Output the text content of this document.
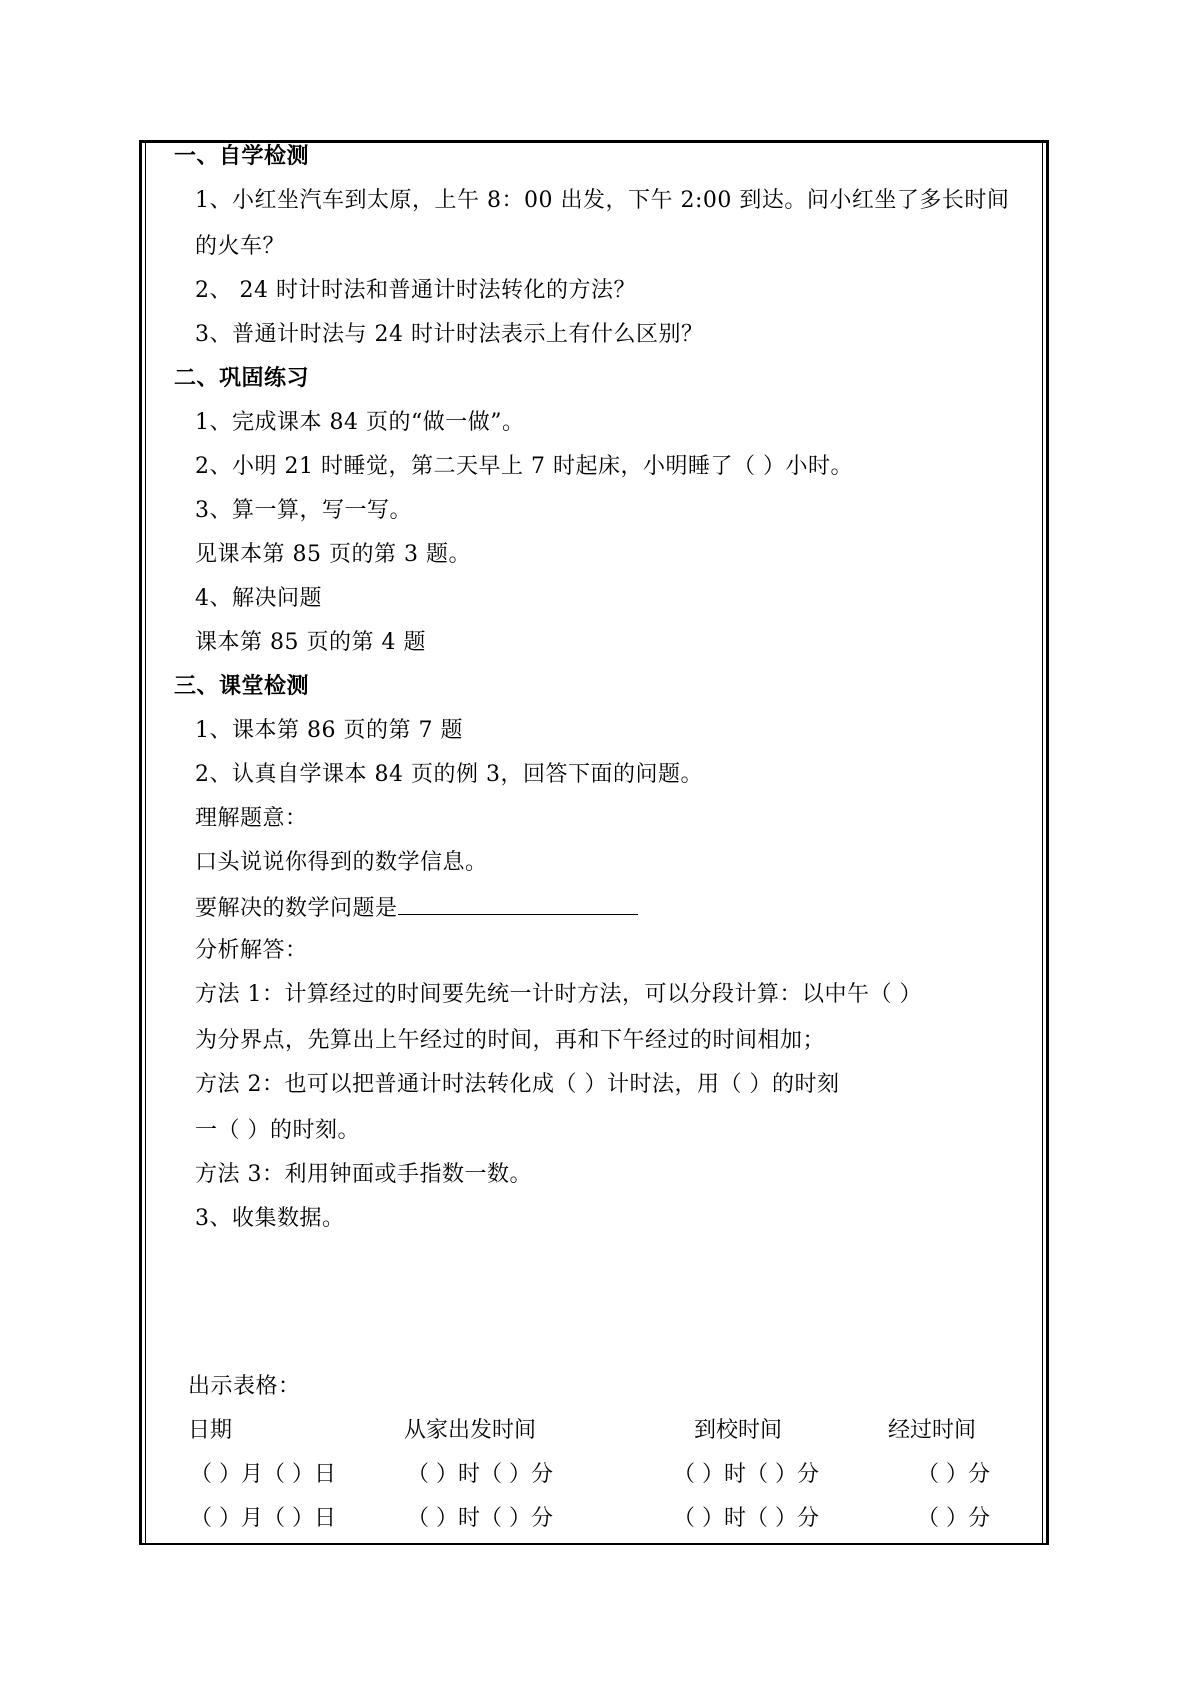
一、自学检测
1、小红坐汽车到太原，上午 8：00 出发，下午 2:00 到达。问小红坐了多长时间
的火车？
2、 24 时计时法和普通计时法转化的方法？
3、普通计时法与 24 时计时法表示上有什么区别？
二、巩固练习
1、完成课本 84 页的“做一做”。
2、小明 21 时睡觉，第二天早上 7 时起床，小明睡了（ ）小时。
3、算一算，写一写。
见课本第 85 页的第 3 题。
4、解决问题
课本第 85 页的第 4 题
三、课堂检测
1、课本第 86 页的第 7 题
2、认真自学课本 84 页的例 3，回答下面的问题。
理解题意：
口头说说你得到的数学信息。
要解决的数学问题是
分析解答：
方法 1：计算经过的时间要先统一计时方法，可以分段计算：以中午（ ）
为分界点，先算出上午经过的时间，再和下午经过的时间相加；
方法 2：也可以把普通计时法转化成（ ）计时法，用（ ）的时刻
一（ ）的时刻。
方法 3：利用钟面或手指数一数。
3、收集数据。
出示表格：
日期	从家出发时间	到校时间	经过时间
（ ）月（ ）日	（ ）时（ ）分	（ ）时（ ）分	（ ）分
（ ）月（ ）日	（ ）时（ ）分	（ ）时（ ）分	（ ）分
